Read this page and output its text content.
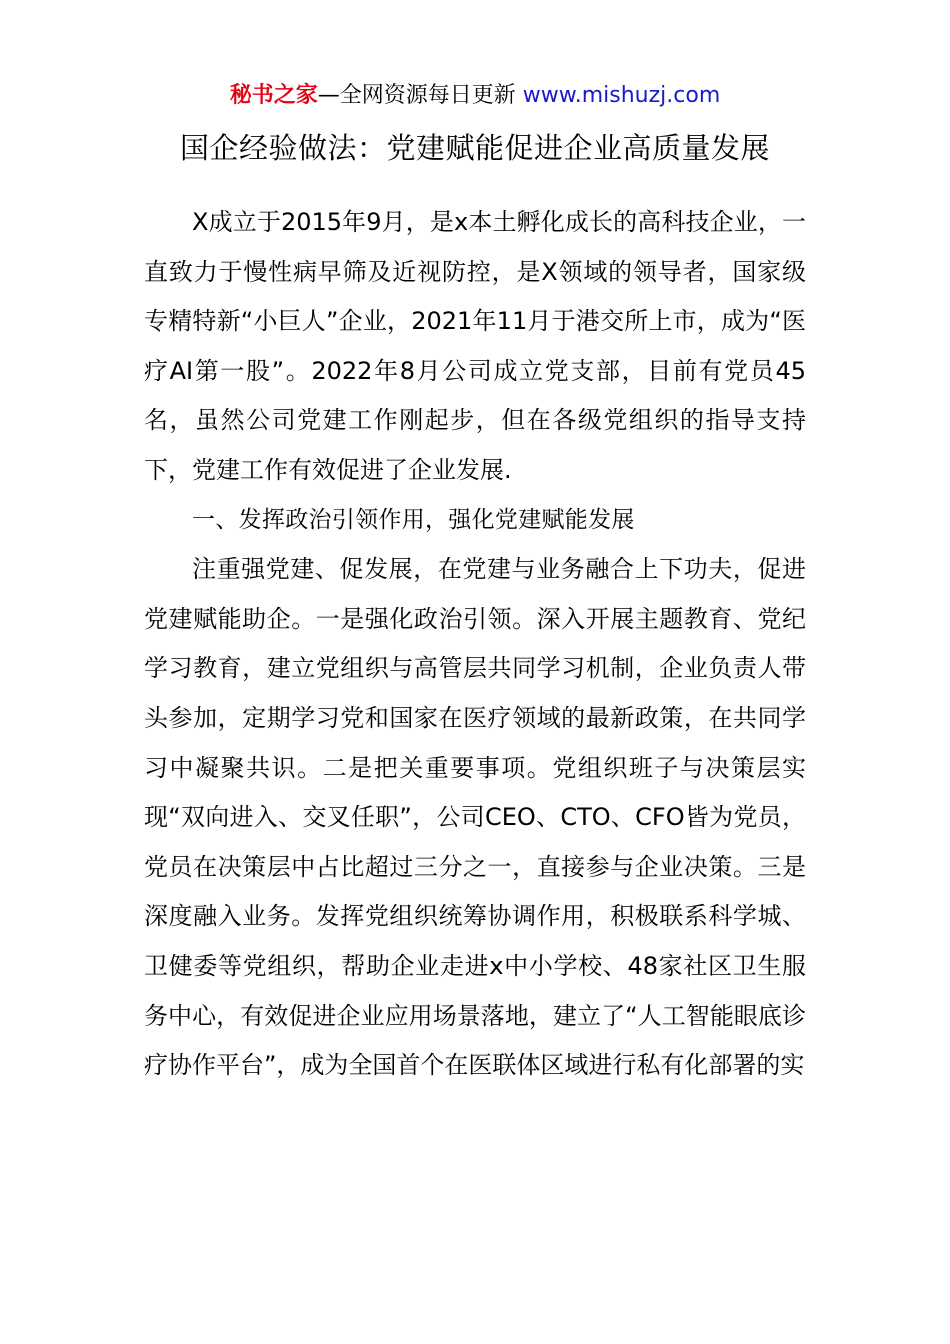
秘书之家—全网资源每日更新 www.mishuzj.com
国企经验做法：党建赋能促进企业高质量发展

X成立于2015年9月，是x本土孵化成长的高科技企业，一直致力于慢性病早筛及近视防控，是X领域的领导者，国家级专精特新“小巨人”企业，2021年11月于港交所上市，成为“医疗AI第一股”。2022年8月公司成立党支部，目前有党员45名，虽然公司党建工作刚起步，但在各级党组织的指导支持下，党建工作有效促进了企业发展.

一、发挥政治引领作用，强化党建赋能发展

注重强党建、促发展，在党建与业务融合上下功夫，促进党建赋能助企。一是强化政治引领。深入开展主题教育、党纪学习教育，建立党组织与高管层共同学习机制，企业负责人带头参加，定期学习党和国家在医疗领域的最新政策，在共同学习中凝聚共识。二是把关重要事项。党组织班子与决策层实现“双向进入、交叉任职”，公司CEO、CTO、CFO皆为党员，党员在决策层中占比超过三分之一，直接参与企业决策。三是深度融入业务。发挥党组织统筹协调作用，积极联系科学城、卫健委等党组织，帮助企业走进x中小学校、48家社区卫生服务中心，有效促进企业应用场景落地，建立了“人工智能眼底诊疗协作平台”，成为全国首个在医联体区域进行私有化部署的实
